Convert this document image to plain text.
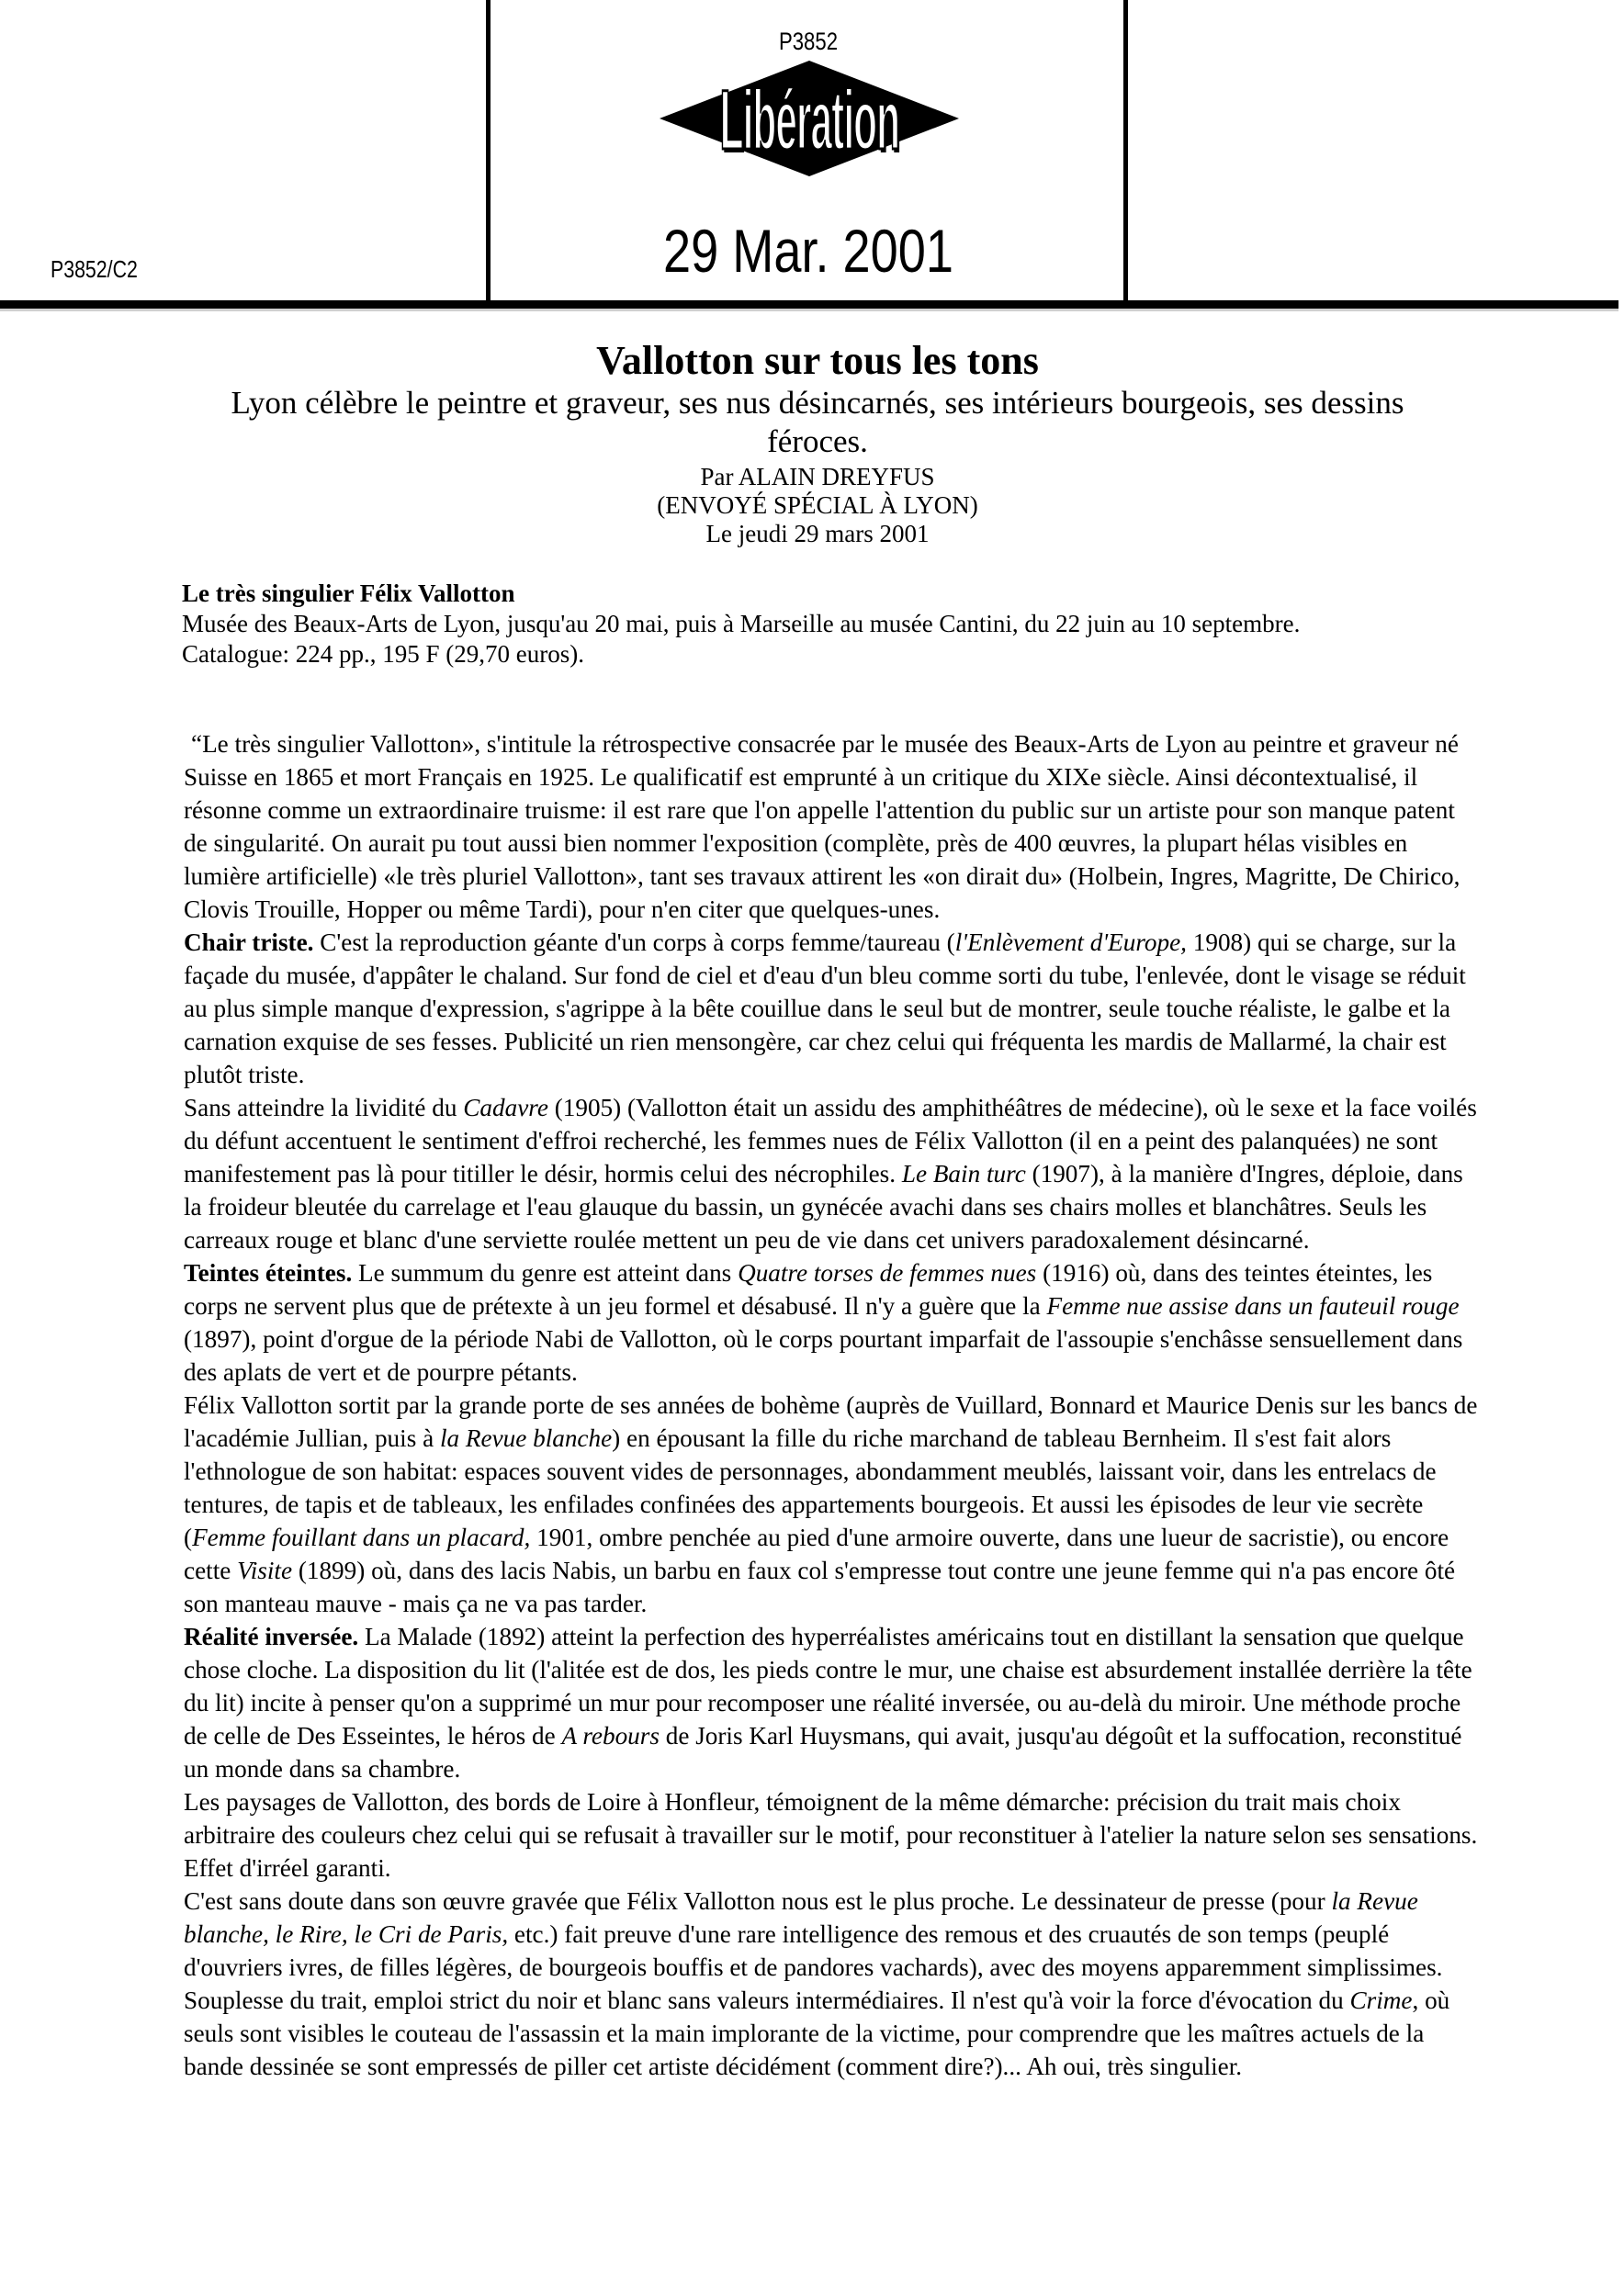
P3852
Libération
P3852/C2	29 Mar. 2001
Vallotton sur tous les tons
Lyon célèbre le peintre et graveur, ses nus désincarnés, ses intérieurs bourgeois, ses dessins féroces.
Par ALAIN DREYFUS
(ENVOYÉ SPÉCIAL À LYON)
Le jeudi 29 mars 2001
Le très singulier Félix Vallotton
Musée des Beaux-Arts de Lyon, jusqu'au 20 mai, puis à Marseille au musée Cantini, du 22 juin au 10 septembre.
Catalogue: 224 pp., 195 F (29,70 euros).

“Le très singulier Vallotton», s'intitule la rétrospective consacrée par le musée des Beaux-Arts de Lyon au peintre et graveur né Suisse en 1865 et mort Français en 1925. Le qualificatif est emprunté à un critique du XIXe siècle. Ainsi décontextualisé, il résonne comme un extraordinaire truisme: il est rare que l'on appelle l'attention du public sur un artiste pour son manque patent de singularité. On aurait pu tout aussi bien nommer l'exposition (complète, près de 400 œuvres, la plupart hélas visibles en lumière artificielle) «le très pluriel Vallotton», tant ses travaux attirent les «on dirait du» (Holbein, Ingres, Magritte, De Chirico, Clovis Trouille, Hopper ou même Tardi), pour n'en citer que quelques-unes.

Chair triste. C'est la reproduction géante d'un corps à corps femme/taureau (l'Enlèvement d'Europe, 1908) qui se charge, sur la façade du musée, d'appâter le chaland. Sur fond de ciel et d'eau d'un bleu comme sorti du tube, l'enlevée, dont le visage se réduit au plus simple manque d'expression, s'agrippe à la bête couillue dans le seul but de montrer, seule touche réaliste, le galbe et la carnation exquise de ses fesses. Publicité un rien mensongère, car chez celui qui fréquenta les mardis de Mallarmé, la chair est plutôt triste.

Sans atteindre la lividité du Cadavre (1905) (Vallotton était un assidu des amphithéâtres de médecine), où le sexe et la face voilés du défunt accentuent le sentiment d'effroi recherché, les femmes nues de Félix Vallotton (il en a peint des palanquées) ne sont manifestement pas là pour titiller le désir, hormis celui des nécrophiles. Le Bain turc (1907), à la manière d'Ingres, déploie, dans la froideur bleutée du carrelage et l'eau glauque du bassin, un gynécée avachi dans ses chairs molles et blanchâtres. Seuls les carreaux rouge et blanc d'une serviette roulée mettent un peu de vie dans cet univers paradoxalement désincarné.

Teintes éteintes. Le summum du genre est atteint dans Quatre torses de femmes nues (1916) où, dans des teintes éteintes, les corps ne servent plus que de prétexte à un jeu formel et désabusé. Il n'y a guère que la Femme nue assise dans un fauteuil rouge (1897), point d'orgue de la période Nabi de Vallotton, où le corps pourtant imparfait de l'assoupie s'enchâsse sensuellement dans des aplats de vert et de pourpre pétants.

Félix Vallotton sortit par la grande porte de ses années de bohème (auprès de Vuillard, Bonnard et Maurice Denis sur les bancs de l'académie Jullian, puis à la Revue blanche) en épousant la fille du riche marchand de tableau Bernheim. Il s'est fait alors l'ethnologue de son habitat: espaces souvent vides de personnages, abondamment meublés, laissant voir, dans les entrelacs de tentures, de tapis et de tableaux, les enfilades confinées des appartements bourgeois. Et aussi les épisodes de leur vie secrète (Femme fouillant dans un placard, 1901, ombre penchée au pied d'une armoire ouverte, dans une lueur de sacristie), ou encore cette Visite (1899) où, dans des lacis Nabis, un barbu en faux col s'empresse tout contre une jeune femme qui n'a pas encore ôté son manteau mauve - mais ça ne va pas tarder.

Réalité inversée. La Malade (1892) atteint la perfection des hyperréalistes américains tout en distillant la sensation que quelque chose cloche. La disposition du lit (l'alitée est de dos, les pieds contre le mur, une chaise est absurdement installée derrière la tête du lit) incite à penser qu'on a supprimé un mur pour recomposer une réalité inversée, ou au-delà du miroir. Une méthode proche de celle de Des Esseintes, le héros de A rebours de Joris Karl Huysmans, qui avait, jusqu'au dégoût et la suffocation, reconstitué un monde dans sa chambre.

Les paysages de Vallotton, des bords de Loire à Honfleur, témoignent de la même démarche: précision du trait mais choix arbitraire des couleurs chez celui qui se refusait à travailler sur le motif, pour reconstituer à l'atelier la nature selon ses sensations. Effet d'irréel garanti.

C'est sans doute dans son œuvre gravée que Félix Vallotton nous est le plus proche. Le dessinateur de presse (pour la Revue blanche, le Rire, le Cri de Paris, etc.) fait preuve d'une rare intelligence des remous et des cruautés de son temps (peuplé d'ouvriers ivres, de filles légères, de bourgeois bouffis et de pandores vachards), avec des moyens apparemment simplissimes. Souplesse du trait, emploi strict du noir et blanc sans valeurs intermédiaires. Il n'est qu'à voir la force d'évocation du Crime, où seuls sont visibles le couteau de l'assassin et la main implorante de la victime, pour comprendre que les maîtres actuels de la bande dessinée se sont empressés de piller cet artiste décidément (comment dire?)... Ah oui, très singulier.
